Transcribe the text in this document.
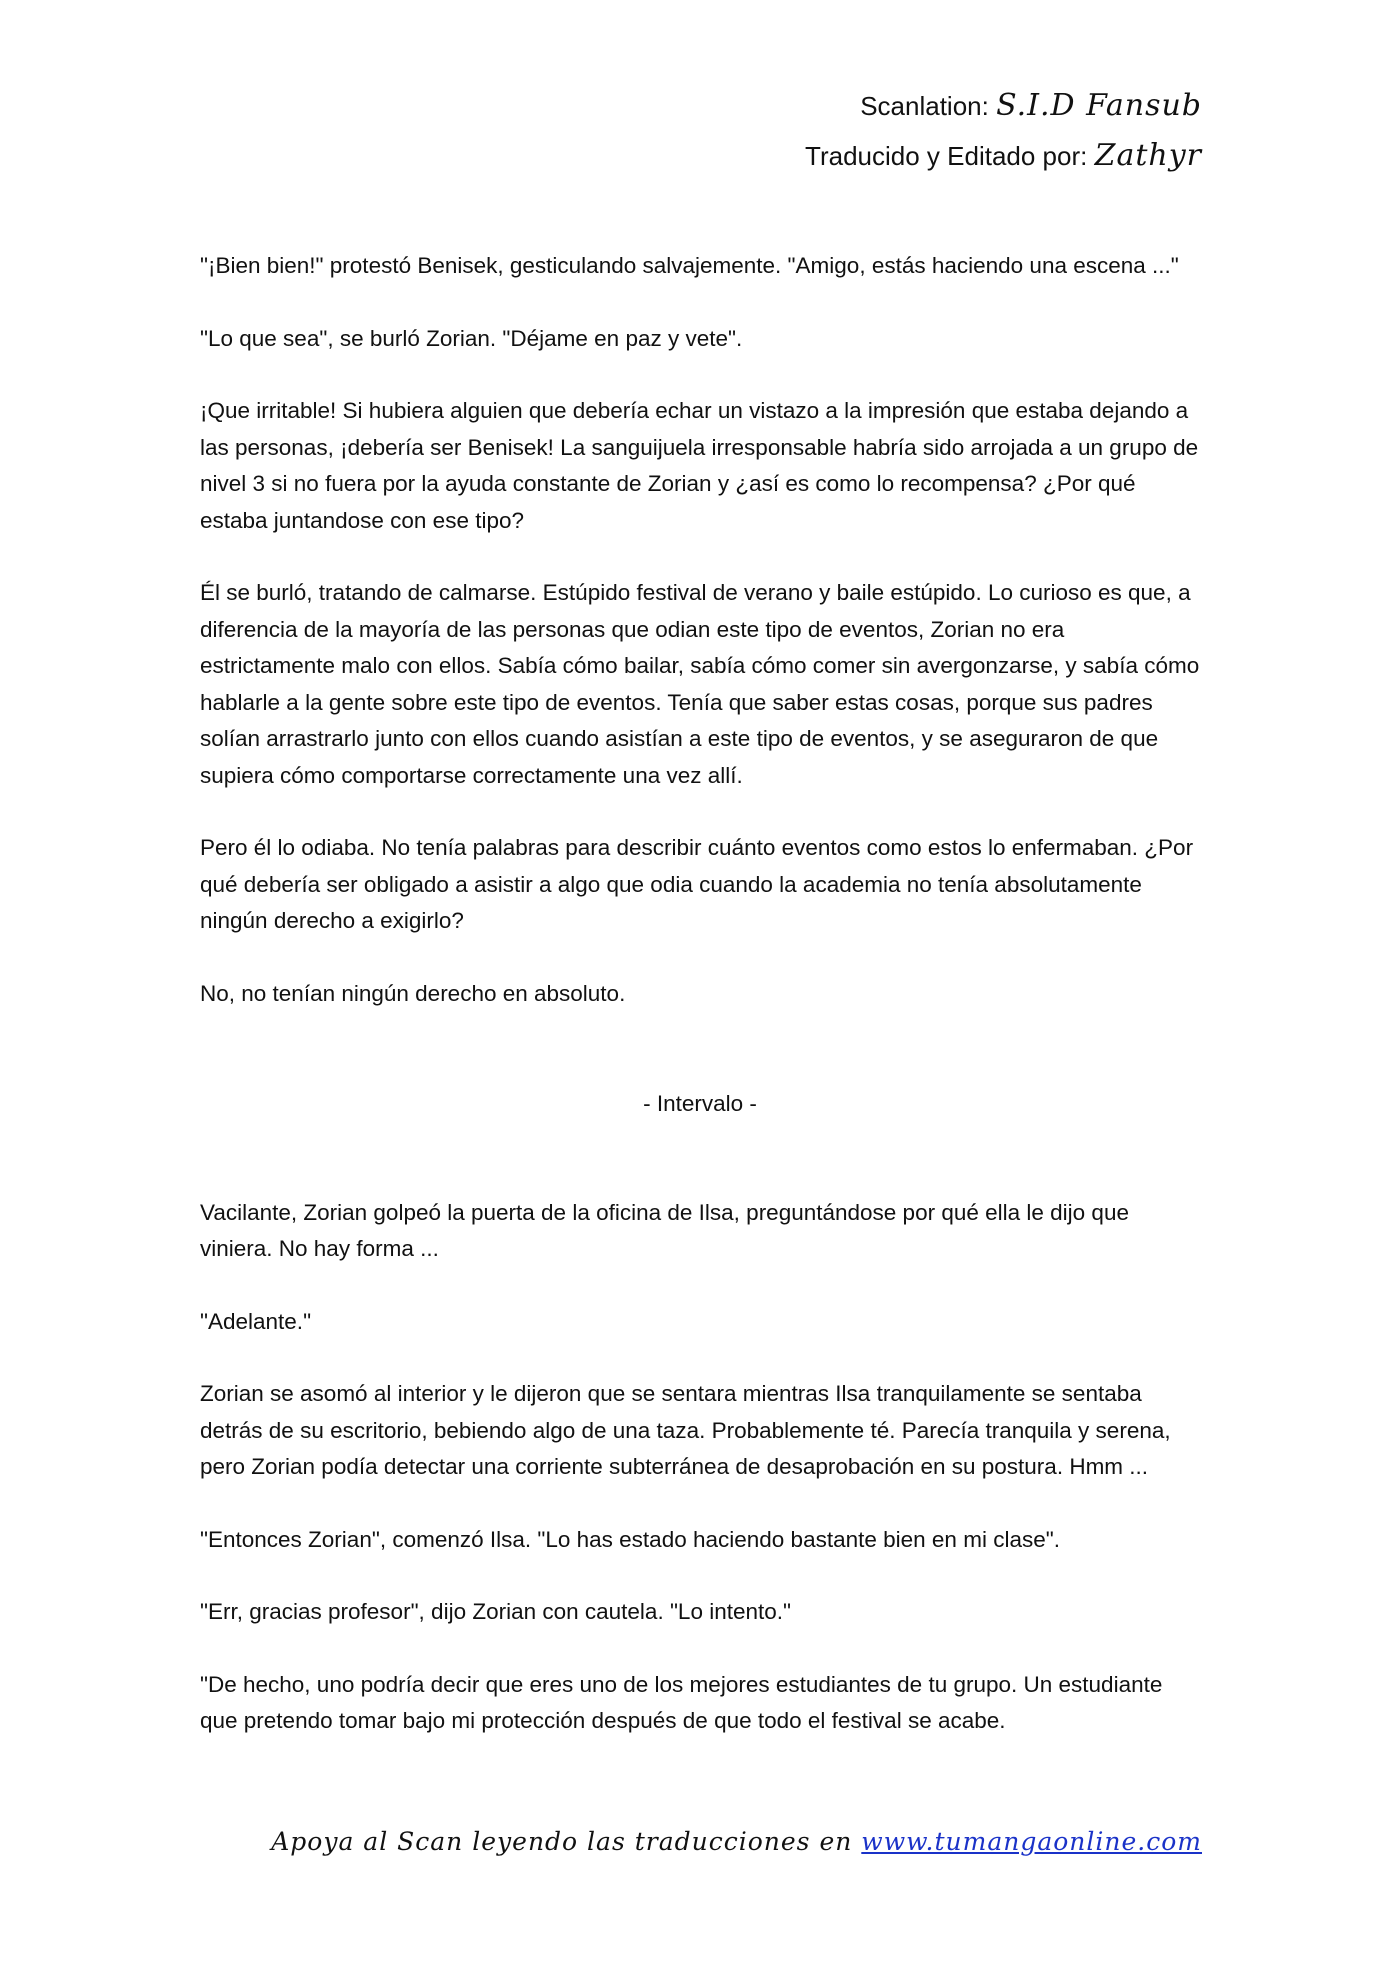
Scanlation: S.I.D Fansub
Traducido y Editado por: Zathyr

"¡Bien bien!" protestó Benisek, gesticulando salvajemente. "Amigo, estás haciendo una escena ..."

"Lo que sea", se burló Zorian. "Déjame en paz y vete".

¡Que irritable! Si hubiera alguien que debería echar un vistazo a la impresión que estaba dejando a las personas, ¡debería ser Benisek! La sanguijuela irresponsable habría sido arrojada a un grupo de nivel 3 si no fuera por la ayuda constante de Zorian y ¿así es como lo recompensa? ¿Por qué estaba juntandose con ese tipo?

Él se burló, tratando de calmarse. Estúpido festival de verano y baile estúpido. Lo curioso es que, a diferencia de la mayoría de las personas que odian este tipo de eventos, Zorian no era estrictamente malo con ellos. Sabía cómo bailar, sabía cómo comer sin avergonzarse, y sabía cómo hablarle a la gente sobre este tipo de eventos. Tenía que saber estas cosas, porque sus padres solían arrastrarlo junto con ellos cuando asistían a este tipo de eventos, y se aseguraron de que supiera cómo comportarse correctamente una vez allí.

Pero él lo odiaba. No tenía palabras para describir cuánto eventos como estos lo enfermaban. ¿Por qué debería ser obligado a asistir a algo que odia cuando la academia no tenía absolutamente ningún derecho a exigirlo?

No, no tenían ningún derecho en absoluto.

- Intervalo -

Vacilante, Zorian golpeó la puerta de la oficina de Ilsa, preguntándose por qué ella le dijo que viniera. No hay forma ...

"Adelante."

Zorian se asomó al interior y le dijeron que se sentara mientras Ilsa tranquilamente se sentaba detrás de su escritorio, bebiendo algo de una taza. Probablemente té. Parecía tranquila y serena, pero Zorian podía detectar una corriente subterránea de desaprobación en su postura. Hmm ...

"Entonces Zorian", comenzó Ilsa. "Lo has estado haciendo bastante bien en mi clase".

"Err, gracias profesor", dijo Zorian con cautela. "Lo intento."

"De hecho, uno podría decir que eres uno de los mejores estudiantes de tu grupo. Un estudiante que pretendo tomar bajo mi protección después de que todo el festival se acabe.

Apoya al Scan leyendo las traducciones en www.tumangaonline.com
